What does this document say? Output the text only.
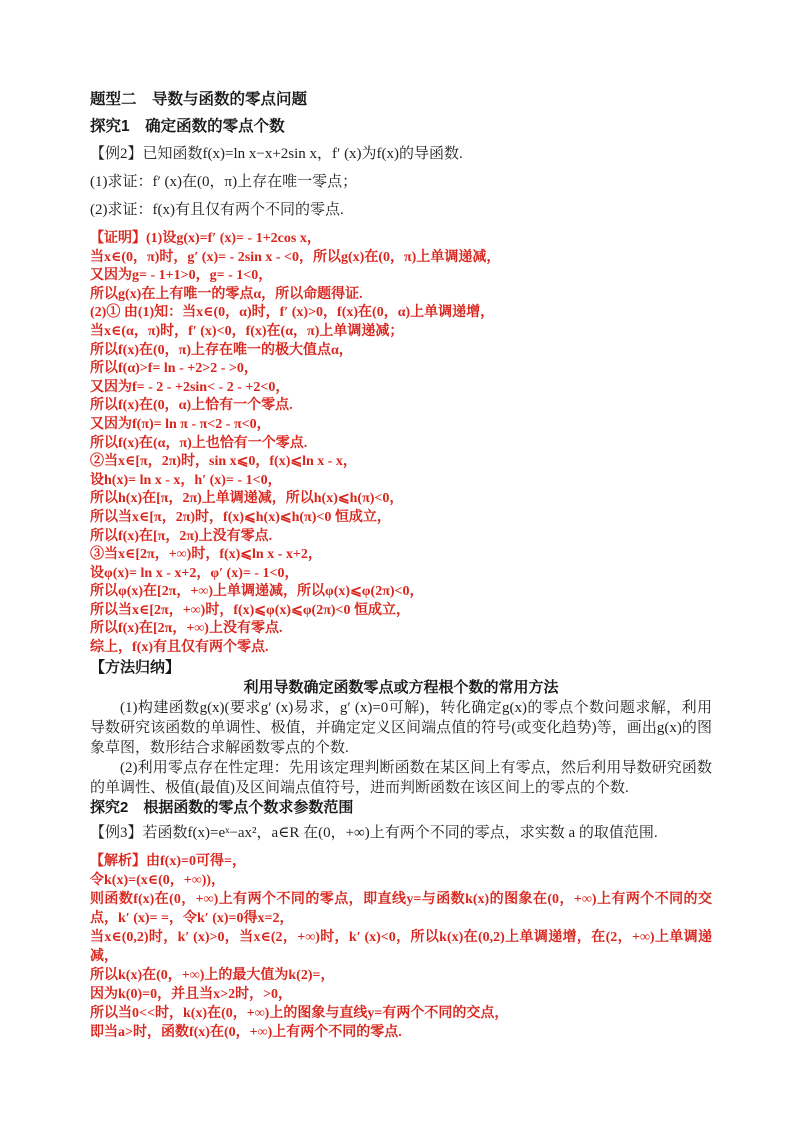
题型二　导数与函数的零点问题

探究1　确定函数的零点个数

【例2】已知函数f(x)=ln x−x+2sin x，f′ (x)为f(x)的导函数.

(1)求证：f′ (x)在(0，π)上存在唯一零点；

(2)求证：f(x)有且仅有两个不同的零点.

【证明】(1)设g(x)=f′ (x)= - 1+2cos x，

当x∈(0，π)时，g′ (x)= - 2sin x - <0，所以g(x)在(0，π)上单调递减，

又因为g= - 1+1>0，g= - 1<0，

所以g(x)在上有唯一的零点α，所以命题得证.

(2)① 由(1)知：当x∈(0，α)时，f′ (x)>0，f(x)在(0，α)上单调递增，

当x∈(α，π)时，f′ (x)<0，f(x)在(α，π)上单调递减；

所以f(x)在(0，π)上存在唯一的极大值点α，

所以f(α)>f= ln - +2>2 - >0，

又因为f= - 2 - +2sin< - 2 - +2<0，

所以f(x)在(0，α)上恰有一个零点.

又因为f(π)= ln π - π<2 - π<0，

所以f(x)在(α，π)上也恰有一个零点.

②当x∈[π，2π)时，sin x⩽0，f(x)⩽ln x - x，

设h(x)= ln x - x，h′ (x)= - 1<0，

所以h(x)在[π，2π)上单调递减，所以h(x)⩽h(π)<0，

所以当x∈[π，2π)时，f(x)⩽h(x)⩽h(π)<0 恒成立，

所以f(x)在[π，2π)上没有零点.

③当x∈[2π，+∞)时，f(x)⩽ln x - x+2，

设φ(x)= ln x - x+2，φ′ (x)= - 1<0，

所以φ(x)在[2π，+∞)上单调递减，所以φ(x)⩽φ(2π)<0，

所以当x∈[2π，+∞)时，f(x)⩽φ(x)⩽φ(2π)<0 恒成立，

所以f(x)在[2π，+∞)上没有零点.

综上，f(x)有且仅有两个零点.

【方法归纳】

利用导数确定函数零点或方程根个数的常用方法

(1)构建函数g(x)(要求g′ (x)易求，g′ (x)=0可解)，转化确定g(x)的零点个数问题求解，利用导数研究该函数的单调性、极值，并确定定义区间端点值的符号(或变化趋势)等，画出g(x)的图象草图，数形结合求解函数零点的个数.

(2)利用零点存在性定理：先用该定理判断函数在某区间上有零点，然后利用导数研究函数的单调性、极值(最值)及区间端点值符号，进而判断函数在该区间上的零点的个数.

探究2　根据函数的零点个数求参数范围

【例3】若函数f(x)=eˣ−ax²，a∈R 在(0，+∞)上有两个不同的零点，求实数 a 的取值范围.

【解析】由f(x)=0可得=，

令k(x)=(x∈(0，+∞))，

则函数f(x)在(0，+∞)上有两个不同的零点，即直线y=与函数k(x)的图象在(0，+∞)上有两个不同的交点，k′ (x)= =，令k′ (x)=0得x=2，

当x∈(0,2)时，k′ (x)>0，当x∈(2，+∞)时，k′ (x)<0，所以k(x)在(0,2)上单调递增，在(2，+∞)上单调递减，

所以k(x)在(0，+∞)上的最大值为k(2)=，

因为k(0)=0，并且当x>2时，>0，

所以当0<<时，k(x)在(0，+∞)上的图象与直线y=有两个不同的交点，

即当a>时，函数f(x)在(0，+∞)上有两个不同的零点.
